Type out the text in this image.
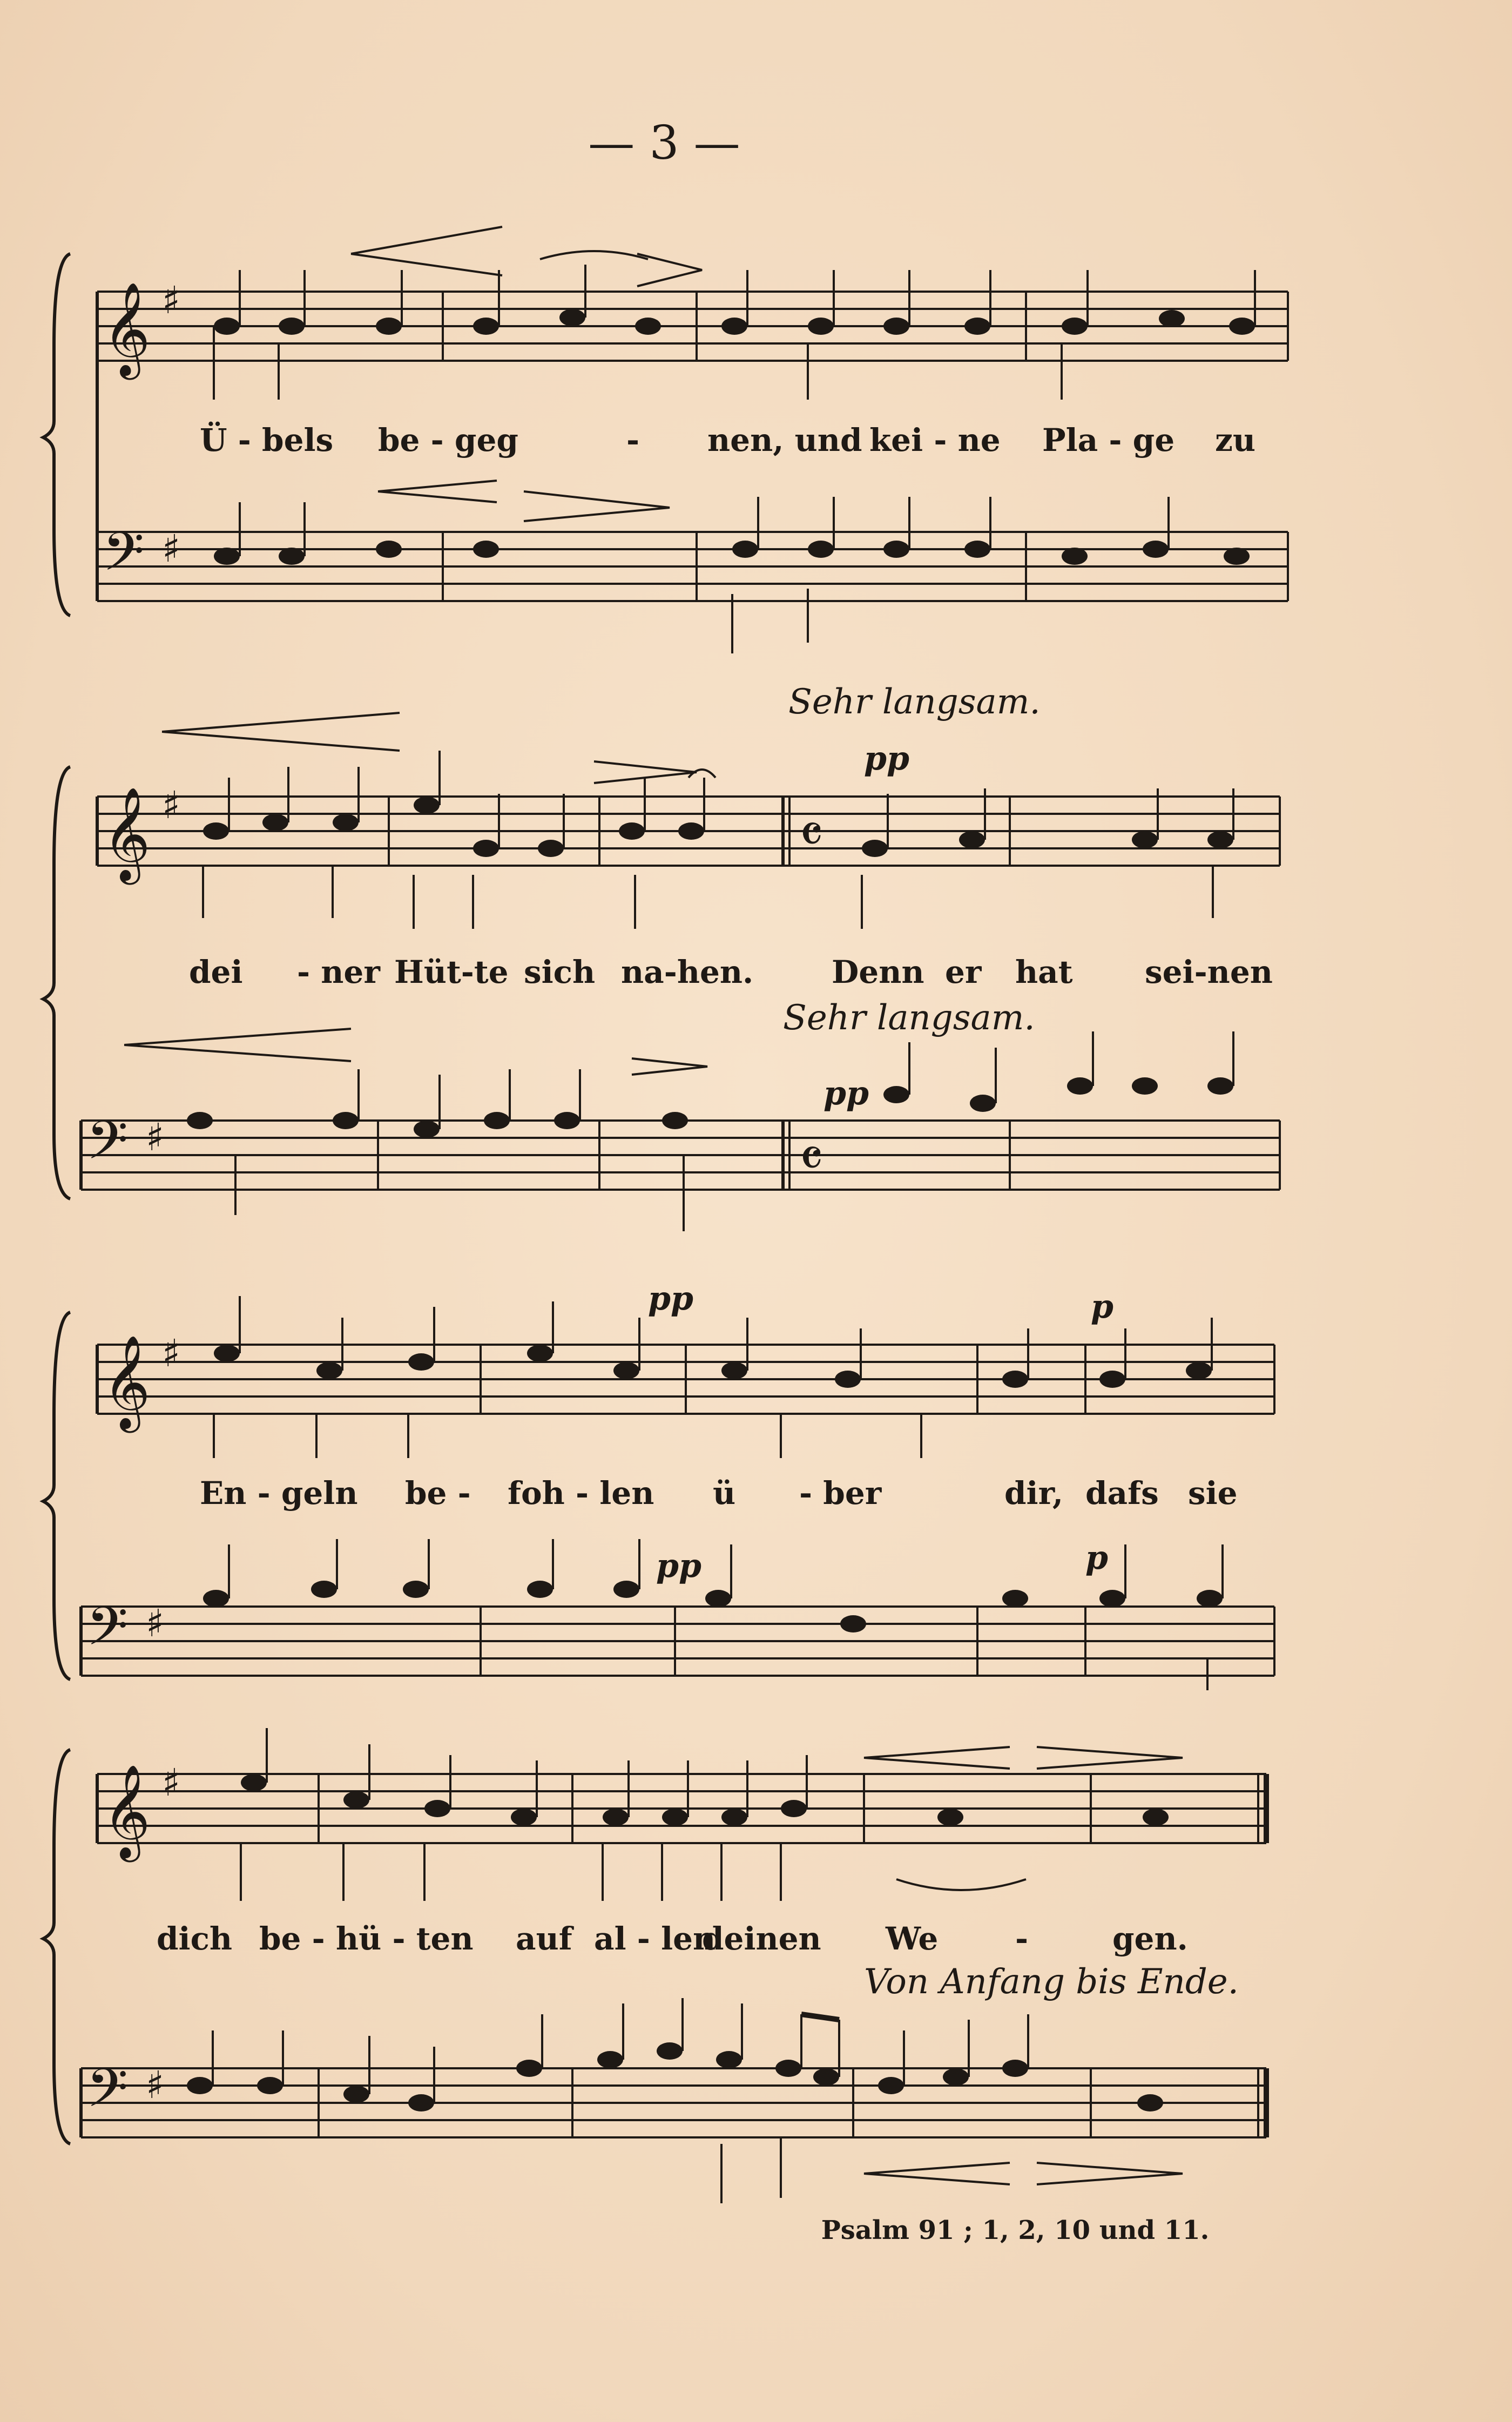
— 3 —
𝄞
𝄢
♯
♯
Ü - bels be - geg	- nen, und kei - ne Pla - ge zu
Sehr langsam.
𝄞
𝄢
♯
♯
𝄴
𝄴
pp
dei - ner Hüt-te sich na-hen. Denn er hat sei-nen
Sehr langsam.
pp
𝄞
𝄢
♯
♯
pp	p
En - geln be - foh - len ü - ber	dir, dafs sie
pp	p
𝄞
𝄢
♯
♯
dich be - hü - ten auf al - len
deinen We -	gen.
Von Anfang bis Ende.
Psalm 91 ; 1, 2, 10 und 11.
